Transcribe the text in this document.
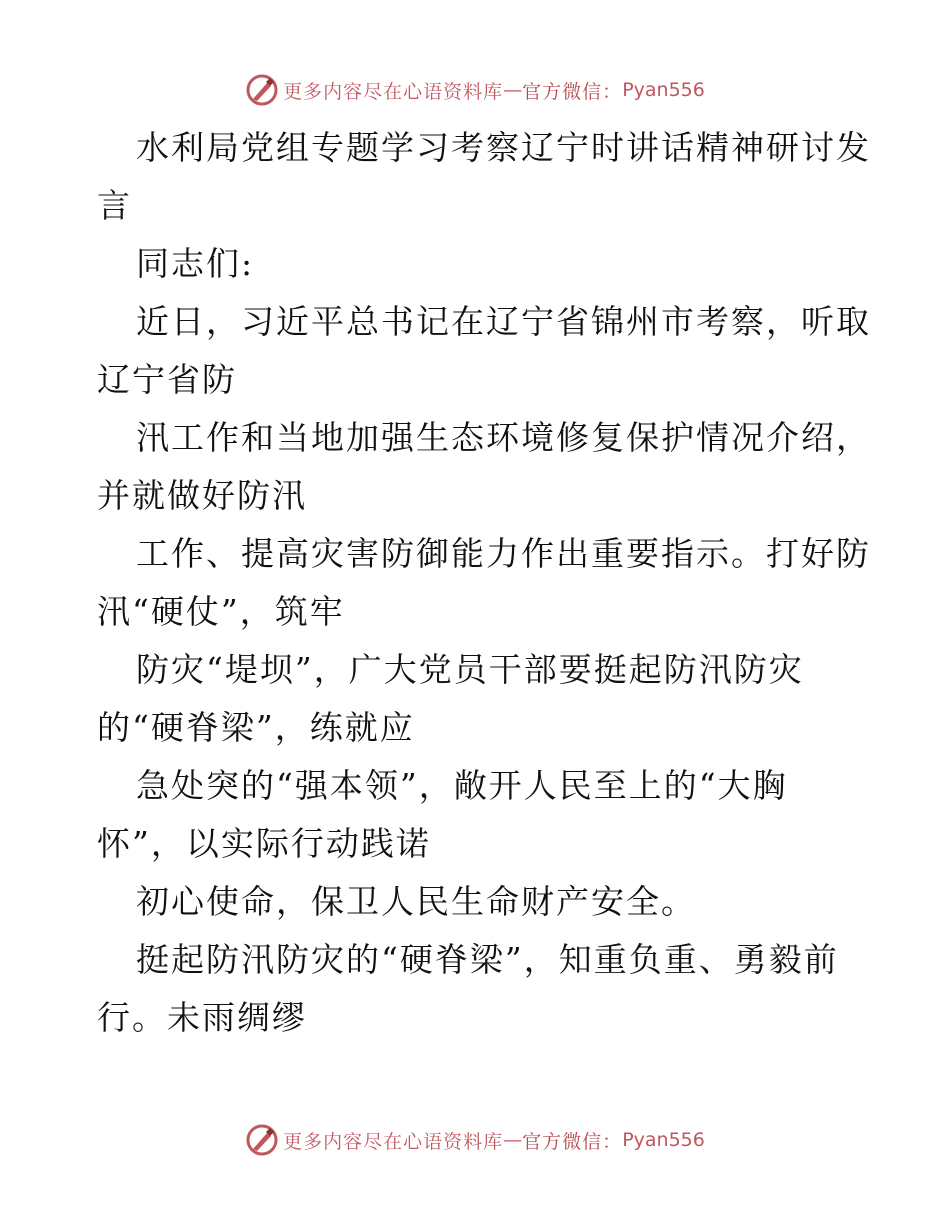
更多内容尽在心语资料库 — 官方微信： Pyan556
水利局党组专题学习考察辽宁时讲话精神研讨发
言
同志们:
近日，习近平总书记在辽宁省锦州市考察，听取
辽宁省防
汛工作和当地加强生态环境修复保护情况介绍，
并就做好防汛
工作、提高灾害防御能力作出重要指示。打好防
汛“硬仗”，筑牢
防灾“堤坝”，广大党员干部要挺起防汛防灾
的“硬脊梁”，练就应
急处突的“强本领”，敞开人民至上的“大胸
怀”，以实际行动践诺
初心使命，保卫人民生命财产安全。
挺起防汛防灾的“硬脊梁”，知重负重、勇毅前
行。未雨绸缪
更多内容尽在心语资料库 — 官方微信： Pyan556
